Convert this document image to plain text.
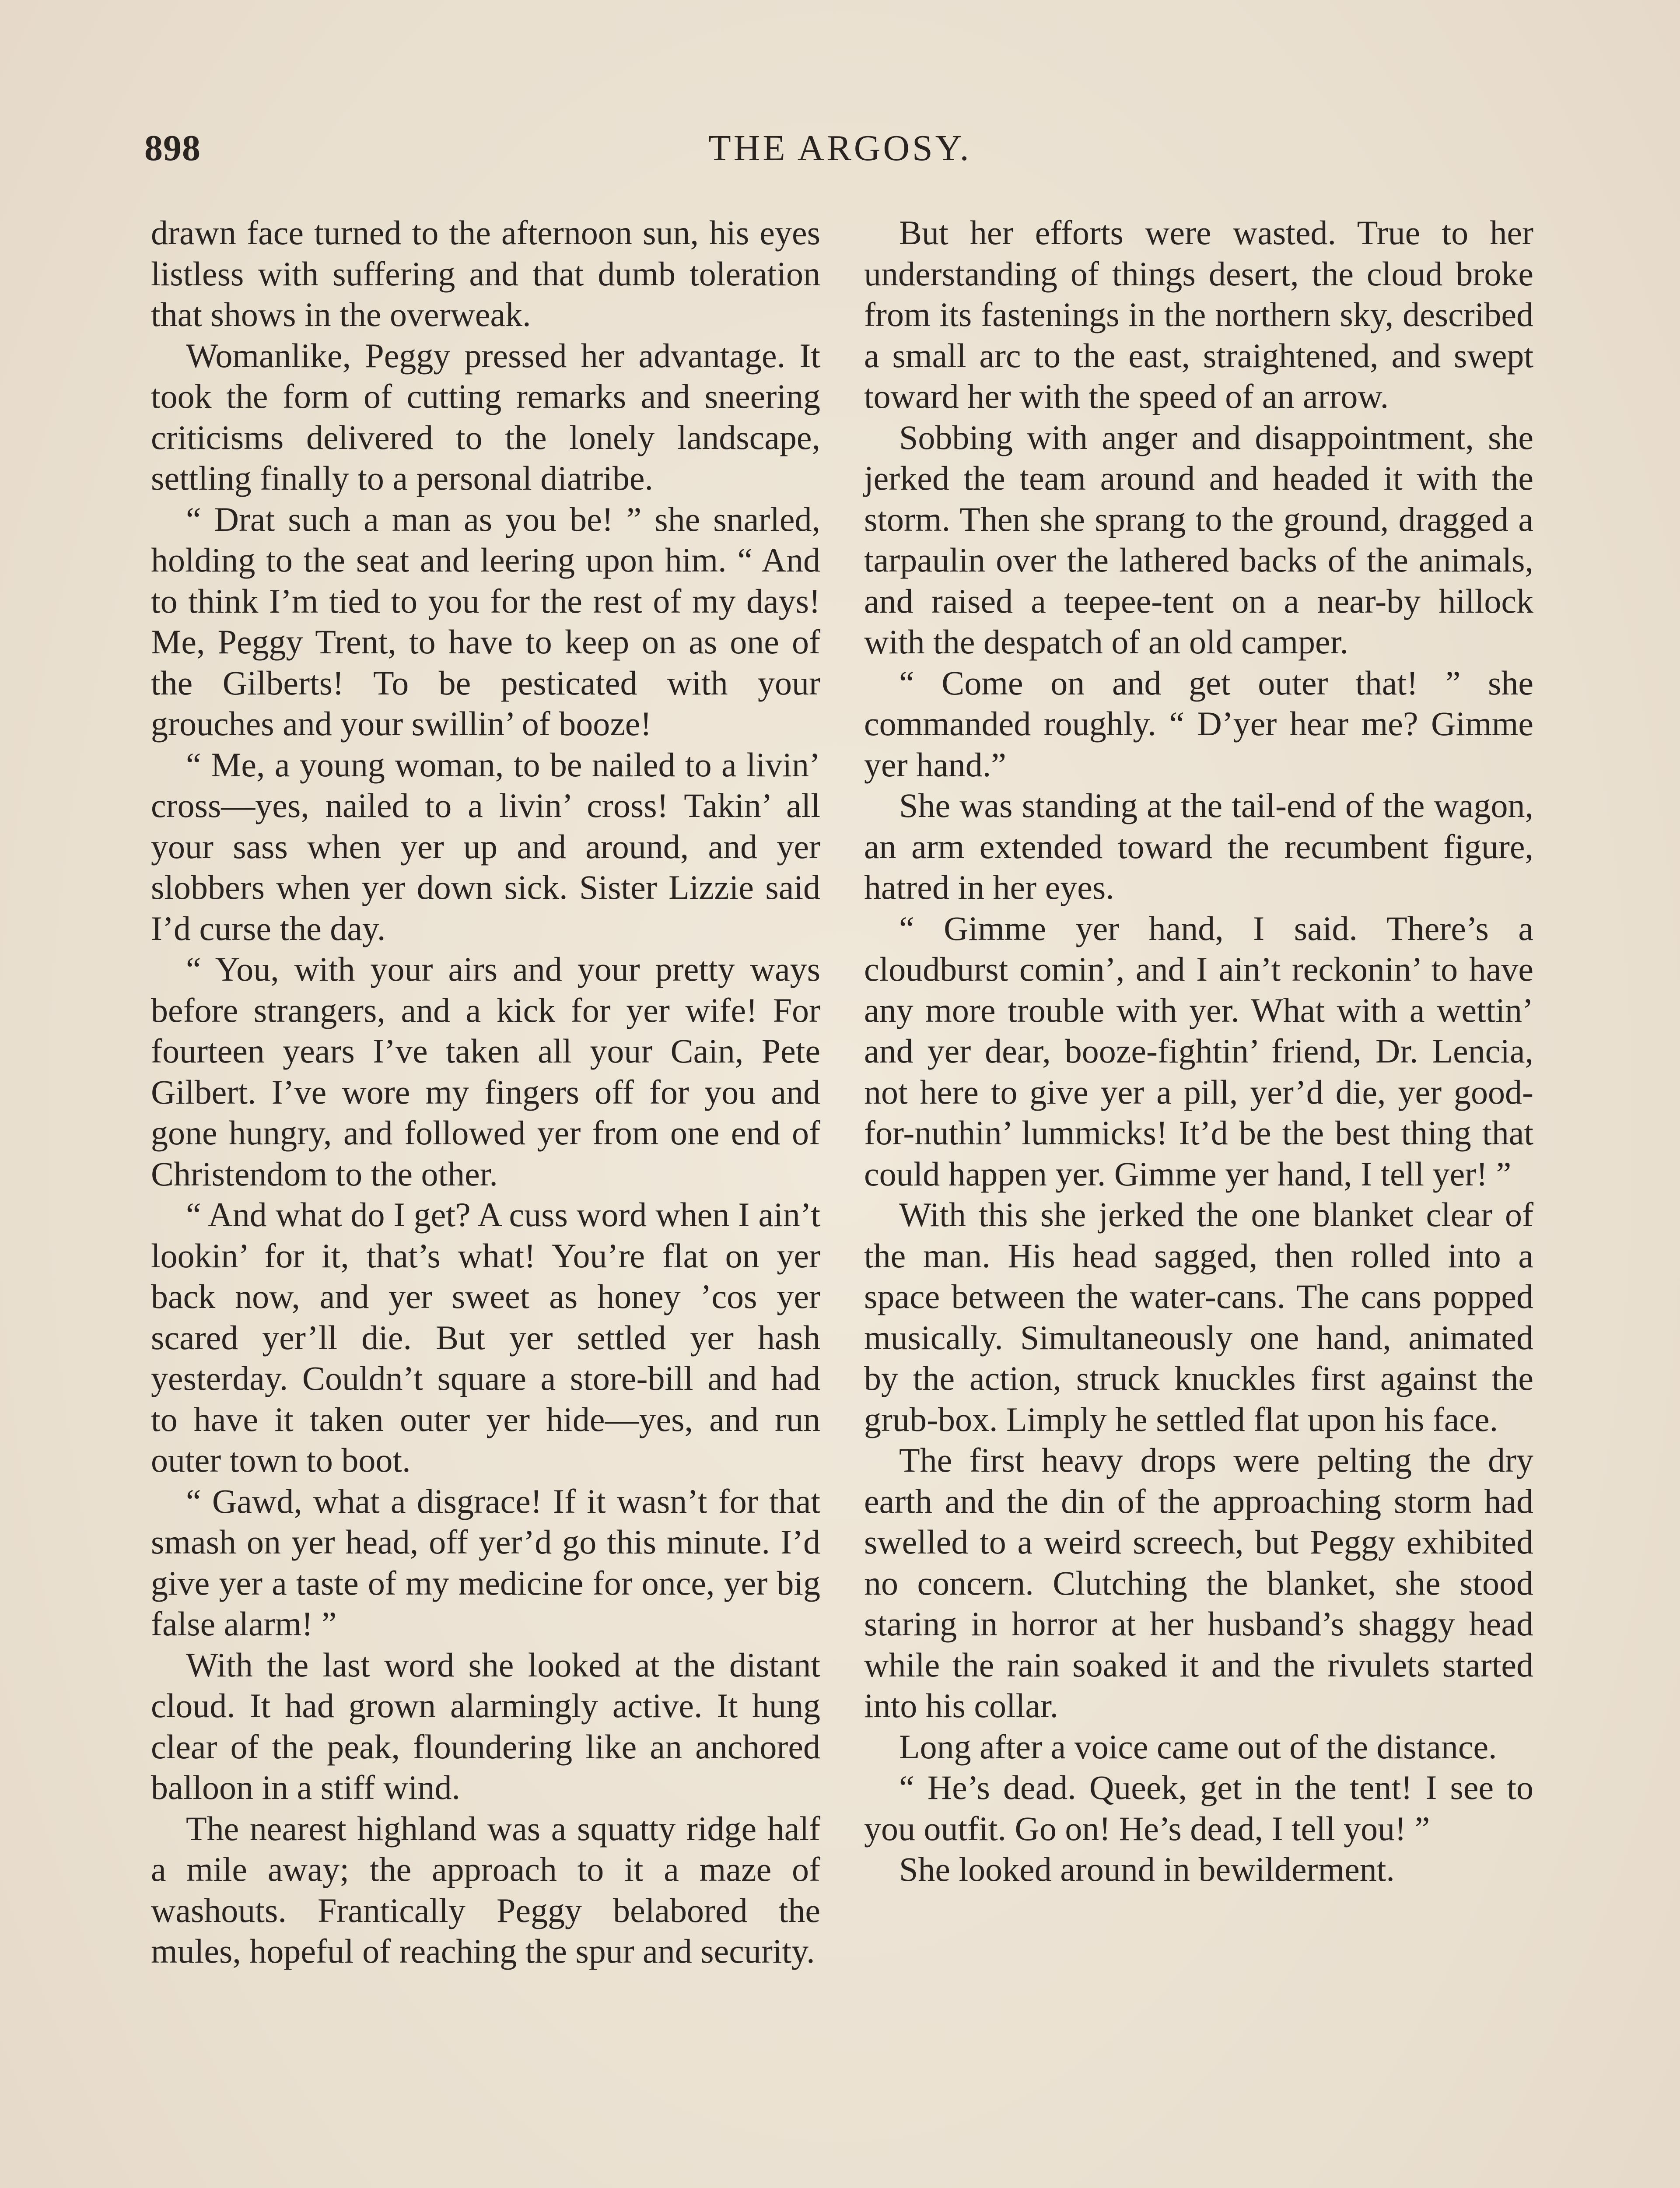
898	THE ARGOSY.

drawn face turned to the afternoon sun, his eyes listless with suffering and that dumb toleration that shows in the overweak.

Womanlike, Peggy pressed her advantage. It took the form of cutting remarks and sneering criticisms delivered to the lonely landscape, settling finally to a personal diatribe.

“ Drat such a man as you be! ” she snarled, holding to the seat and leering upon him. “ And to think I’m tied to you for the rest of my days! Me, Peggy Trent, to have to keep on as one of the Gilberts! To be pesticated with your grouches and your swillin’ of booze!

“ Me, a young woman, to be nailed to a livin’ cross—yes, nailed to a livin’ cross! Takin’ all your sass when yer up and around, and yer slobbers when yer down sick. Sister Lizzie said I’d curse the day.

“ You, with your airs and your pretty ways before strangers, and a kick for yer wife! For fourteen years I’ve taken all your Cain, Pete Gilbert. I’ve wore my fingers off for you and gone hungry, and followed yer from one end of Christendom to the other.

“ And what do I get? A cuss word when I ain’t lookin’ for it, that’s what! You’re flat on yer back now, and yer sweet as honey ’cos yer scared yer’ll die. But yer settled yer hash yesterday. Couldn’t square a store-bill and had to have it taken outer yer hide—yes, and run outer town to boot.

“ Gawd, what a disgrace! If it wasn’t for that smash on yer head, off yer’d go this minute. I’d give yer a taste of my medicine for once, yer big false alarm! ”

With the last word she looked at the distant cloud. It had grown alarmingly active. It hung clear of the peak, floundering like an anchored balloon in a stiff wind.

The nearest highland was a squatty ridge half a mile away; the approach to it a maze of washouts. Frantically Peggy belabored the mules, hopeful of reaching the spur and security.

But her efforts were wasted. True to her understanding of things desert, the cloud broke from its fastenings in the northern sky, described a small arc to the east, straightened, and swept toward her with the speed of an arrow.

Sobbing with anger and disappointment, she jerked the team around and headed it with the storm. Then she sprang to the ground, dragged a tarpaulin over the lathered backs of the animals, and raised a teepee-tent on a near-by hillock with the despatch of an old camper.

“ Come on and get outer that! ” she commanded roughly. “ D’yer hear me? Gimme yer hand.”

She was standing at the tail-end of the wagon, an arm extended toward the recumbent figure, hatred in her eyes.

“ Gimme yer hand, I said. There’s a cloudburst comin’, and I ain’t reckonin’ to have any more trouble with yer. What with a wettin’ and yer dear, booze-fightin’ friend, Dr. Lencia, not here to give yer a pill, yer’d die, yer good-for-nuthin’ lummicks! It’d be the best thing that could happen yer. Gimme yer hand, I tell yer! ”

With this she jerked the one blanket clear of the man. His head sagged, then rolled into a space between the water-cans. The cans popped musically. Simultaneously one hand, animated by the action, struck knuckles first against the grub-box. Limply he settled flat upon his face.

The first heavy drops were pelting the dry earth and the din of the approaching storm had swelled to a weird screech, but Peggy exhibited no concern. Clutching the blanket, she stood staring in horror at her husband’s shaggy head while the rain soaked it and the rivulets started into his collar.

Long after a voice came out of the distance.

“ He’s dead. Queek, get in the tent! I see to you outfit. Go on! He’s dead, I tell you! ”

She looked around in bewilderment.
